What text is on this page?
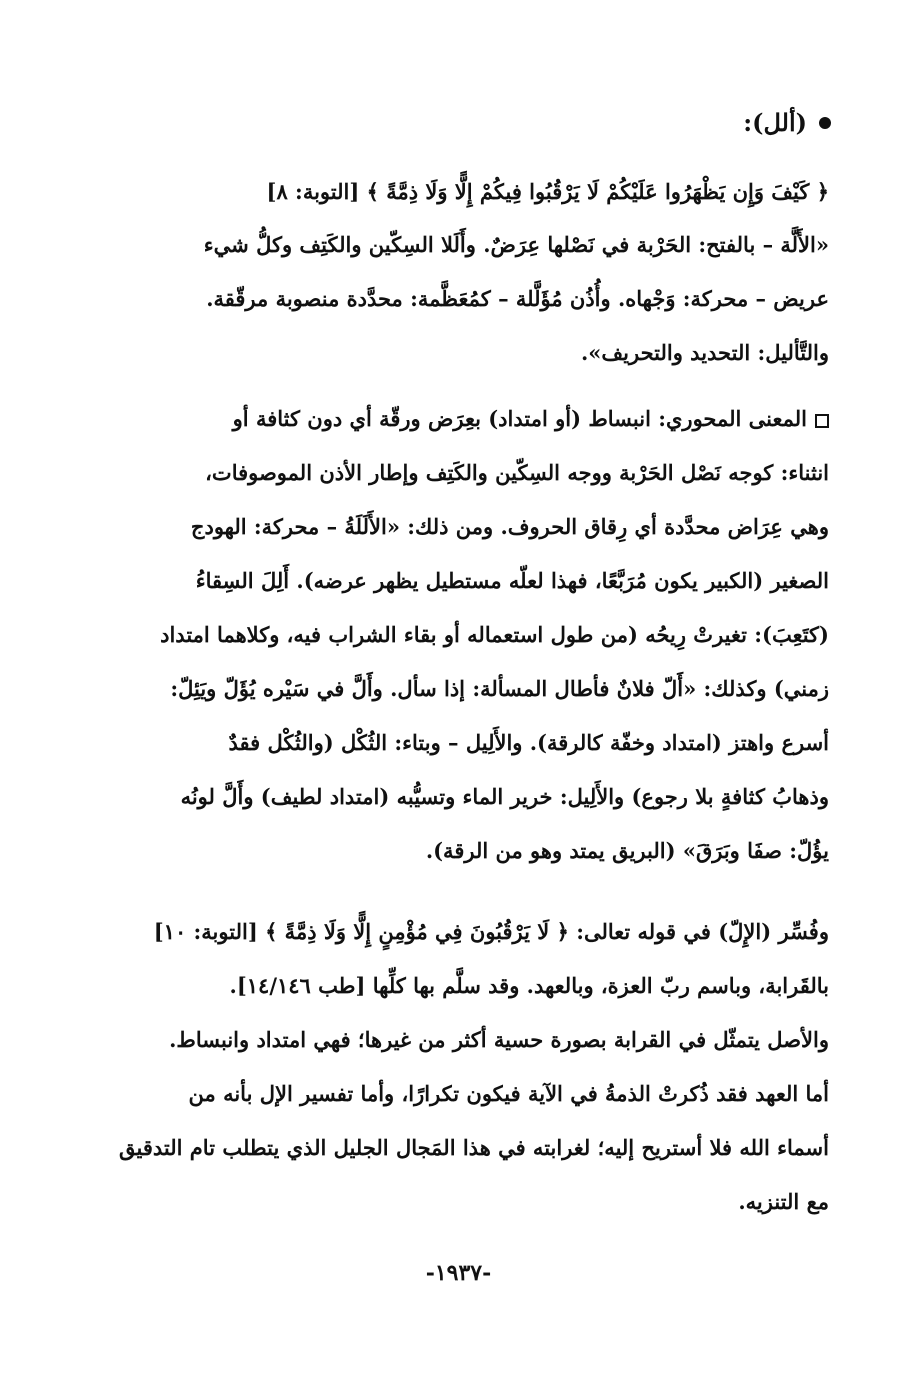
(ألل):
﴿ كَيْفَ وَإِن يَظْهَرُوا عَلَيْكُمْ لَا يَرْقُبُوا فِيكُمْ إِلًّا وَلَا ذِمَّةً ﴾ [التوبة: ٨]
«الأَلَّة – بالفتح: الحَرْبة في نَصْلها عِرَضٌ. وأَلَلا السِكّين والكَتِف وكلُّ شيء
عريض – محركة: وَجْهاه. وأُذُن مُؤَلَّلة – كمُعَظَّمة: محدَّدة منصوبة مرقّقة.
والتَّأليل: التحديد والتحريف».
المعنى المحوري: انبساط (أو امتداد) بعِرَض ورقّة أي دون كثافة أو
انثناء: كوجه نَصْل الحَرْبة ووجه السِكّين والكَتِف وإطار الأذن الموصوفات،
وهي عِرَاض محدَّدة أي رِقاق الحروف. ومن ذلك: «الأَلَلَةُ – محركة: الهودج
الصغير (الكبير يكون مُرَبَّعًا، فهذا لعلّه مستطيل يظهر عرضه). أَلِلَ السِقاءُ
(كتَعِبَ): تغيرتْ رِيحُه (من طول استعماله أو بقاء الشراب فيه، وكلاهما امتداد
زمني) وكذلك: «أَلّ فلانٌ فأطال المسألة: إذا سأل. وأَلَّ في سَيْره يُؤَلّ ويَئِلّ:
أسرع واهتز (امتداد وخفّة كالرقة). والأَلِيل – وبتاء: الثُكْل (والثُكْل فقدٌ
وذهابُ كثافةٍ بلا رجوع) والأَلِيل: خرير الماء وتسيُّبه (امتداد لطيف) وأَلَّ لونُه
يؤُلّ: صفَا وبَرَقَ» (البريق يمتد وهو من الرقة).
وفُسِّر (الإِلّ) في قوله تعالى: ﴿ لَا يَرْقُبُونَ فِي مُؤْمِنٍ إِلًّا وَلَا ذِمَّةً ﴾ [التوبة: ١٠]
بالقَرابة، وباسم ربّ العزة، وبالعهد. وقد سلَّم بها كلِّها [طب ١٤/١٤٦].
والأصل يتمثّل في القرابة بصورة حسية أكثر من غيرها؛ فهي امتداد وانبساط.
أما العهد فقد ذُكرتْ الذمةُ في الآية فيكون تكرارًا، وأما تفسير الإل بأنه من
أسماء الله فلا أستريح إليه؛ لغرابته في هذا المَجال الجليل الذي يتطلب تام التدقيق
مع التنزيه.
-١٩٣٧-
